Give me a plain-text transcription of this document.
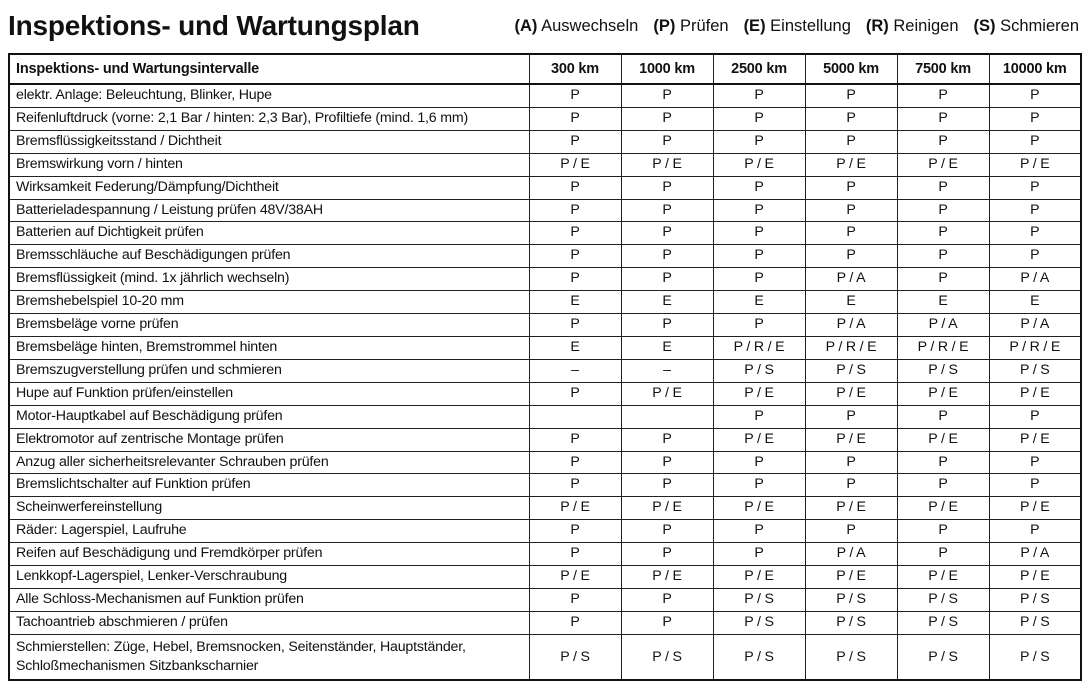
Inspektions- und Wartungsplan	(A) Auswechseln (P) Prüfen (E) Einstellung (R) Reinigen (S) Schmieren
Inspektions- und Wartungsintervalle	300 km	1000 km	2500 km	5000 km	7500 km	10000 km
elektr. Anlage: Beleuchtung, Blinker, Hupe	P	P	P	P	P	P
Reifenluftdruck (vorne: 2,1 Bar / hinten: 2,3 Bar), Profiltiefe (mind. 1,6 mm)	P	P	P	P	P	P
Bremsflüssigkeitsstand / Dichtheit	P	P	P	P	P	P
Bremswirkung vorn / hinten	P / E	P / E	P / E	P / E	P / E	P / E
Wirksamkeit Federung/Dämpfung/Dichtheit	P	P	P	P	P	P
Batterieladespannung / Leistung prüfen 48V/38AH	P	P	P	P	P	P
Batterien auf Dichtigkeit prüfen	P	P	P	P	P	P
Bremsschläuche auf Beschädigungen prüfen	P	P	P	P	P	P
Bremsflüssigkeit (mind. 1x jährlich wechseln)	P	P	P	P / A	P	P / A
Bremshebelspiel 10-20 mm	E	E	E	E	E	E
Bremsbeläge vorne prüfen	P	P	P	P / A	P / A	P / A
Bremsbeläge hinten, Bremstrommel hinten	E	E	P / R / E	P / R / E	P / R / E	P / R / E
Bremszugverstellung prüfen und schmieren	–	–	P / S	P / S	P / S	P / S
Hupe auf Funktion prüfen/einstellen	P	P / E	P / E	P / E	P / E	P / E
Motor-Hauptkabel auf Beschädigung prüfen			P	P	P	P
Elektromotor auf zentrische Montage prüfen	P	P	P / E	P / E	P / E	P / E
Anzug aller sicherheitsrelevanter Schrauben prüfen	P	P	P	P	P	P
Bremslichtschalter auf Funktion prüfen	P	P	P	P	P	P
Scheinwerfereinstellung	P / E	P / E	P / E	P / E	P / E	P / E
Räder: Lagerspiel, Laufruhe	P	P	P	P	P	P
Reifen auf Beschädigung und Fremdkörper prüfen	P	P	P	P / A	P	P / A
Lenkkopf-Lagerspiel, Lenker-Verschraubung	P / E	P / E	P / E	P / E	P / E	P / E
Alle Schloss-Mechanismen auf Funktion prüfen	P	P	P / S	P / S	P / S	P / S
Tachoantrieb abschmieren / prüfen	P	P	P / S	P / S	P / S	P / S
Schmierstellen: Züge, Hebel, Bremsnocken, Seitenständer, Hauptständer, Schloßmechanismen Sitzbankscharnier	P / S	P / S	P / S	P / S	P / S	P / S
